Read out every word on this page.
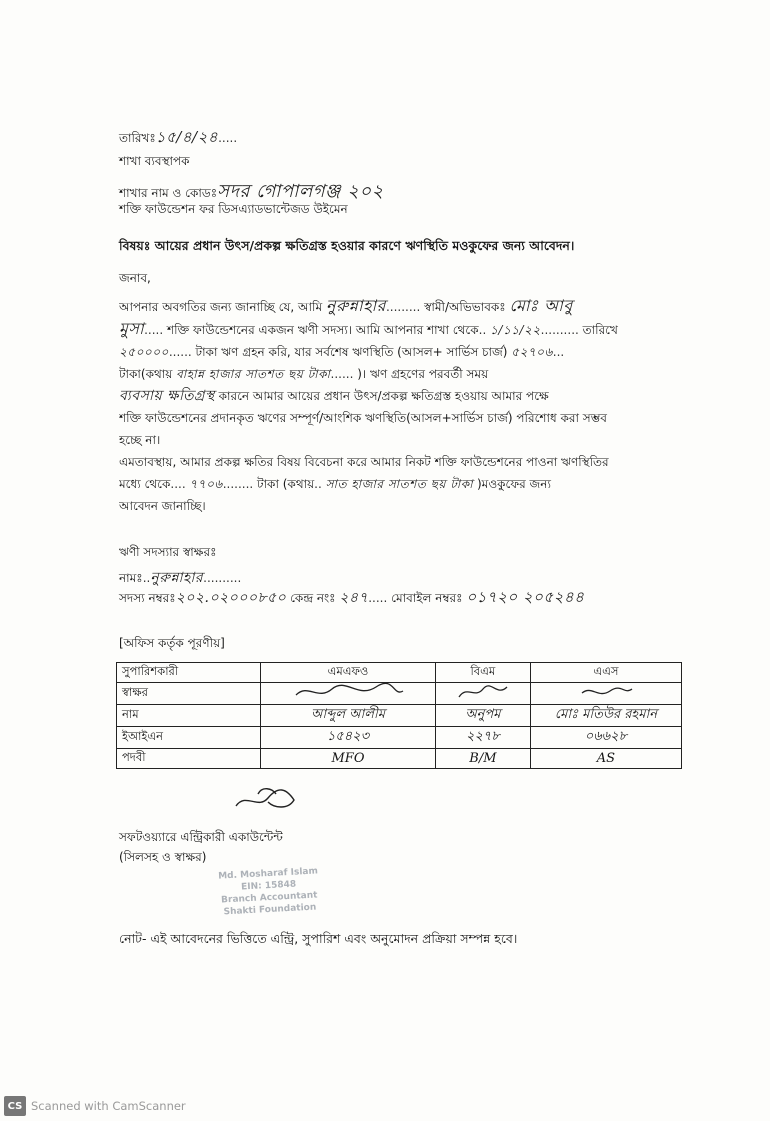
তারিখঃ১৫/৪/২৪.....
শাখা ব্যবস্থাপক
শাখার নাম ও কোডঃসদর গোপালগঞ্জ ২০২
শক্তি ফাউন্ডেশন ফর ডিসএ্যাডভান্টেজড উইমেন
বিষয়ঃ আয়ের প্রধান উৎস/প্রকল্প ক্ষতিগ্রস্ত হওয়ার কারণে ঋণস্থিতি মওকুফের জন্য আবেদন।
জনাব,
আপনার অবগতির জন্য জানাচ্ছি যে, আমি নুরুন্নাহার......... স্বামী/অভিভাবকঃ মোঃ আবু
মুসা..... শক্তি ফাউন্ডেশনের একজন ঋণী সদস্য। আমি আপনার শাখা থেকে.. ১/১১/২২.......... তারিখে
২৫০০০০...... টাকা ঋণ গ্রহন করি, যার সর্বশেষ ঋণস্থিতি (আসল+ সার্ভিস চার্জ) ৫২৭০৬...
টাকা(কথায় বাহান্ন হাজার সাতশত ছয় টাকা...... )। ঋণ গ্রহণের পরবর্তী সময়
ব্যবসায় ক্ষতিগ্রস্থ কারনে আমার আয়ের প্রধান উৎস/প্রকল্প ক্ষতিগ্রস্ত হওয়ায় আমার পক্ষে
শক্তি ফাউন্ডেশনের প্রদানকৃত ঋণের সম্পূর্ণ/আংশিক ঋণস্থিতি(আসল+সার্ভিস চার্জ) পরিশোধ করা সম্ভব
হচ্ছে না।
এমতাবস্থায়, আমার প্রকল্প ক্ষতির বিষয় বিবেচনা করে আমার নিকট শক্তি ফাউন্ডেশনের পাওনা ঋণস্থিতির
মধ্যে থেকে.... ৭৭০৬........ টাকা (কথায়.. সাত হাজার সাতশত ছয় টাকা )মওকুফের জন্য
আবেদন জানাচ্ছি।
ঋণী সদস্যার স্বাক্ষরঃ
নামঃ..নুরুন্নাহার..........
সদস্য নম্বরঃ২০২.০২০০০৮৫০ কেন্দ্র নং ২৪৭..... মোবাইল নম্বরঃ ০১৭২০ ২০৫২৪৪
[অফিস কর্তৃক পূরণীয়]
সুপারিশকারী	এমএফও	বিএম	এএস
স্বাক্ষর			
নাম	আব্দুল আলীম	অনুপম	মোঃ মতিউর রহমান
ইআইএন	১৫৪২৩	২২৭৮	০৬৬২৮
পদবী	MFO	B/M	AS
সফটওয়্যারে এন্ট্রিকারী একাউন্টেন্ট
(সিলসহ ও স্বাক্ষর)
Md. Mosharaf Islam
EIN: 15848
Branch Accountant
Shakti Foundation
নোট- এই আবেদনের ভিত্তিতে এন্ট্রি, সুপারিশ এবং অনুমোদন প্রক্রিয়া সম্পন্ন হবে।
CS Scanned with CamScanner
